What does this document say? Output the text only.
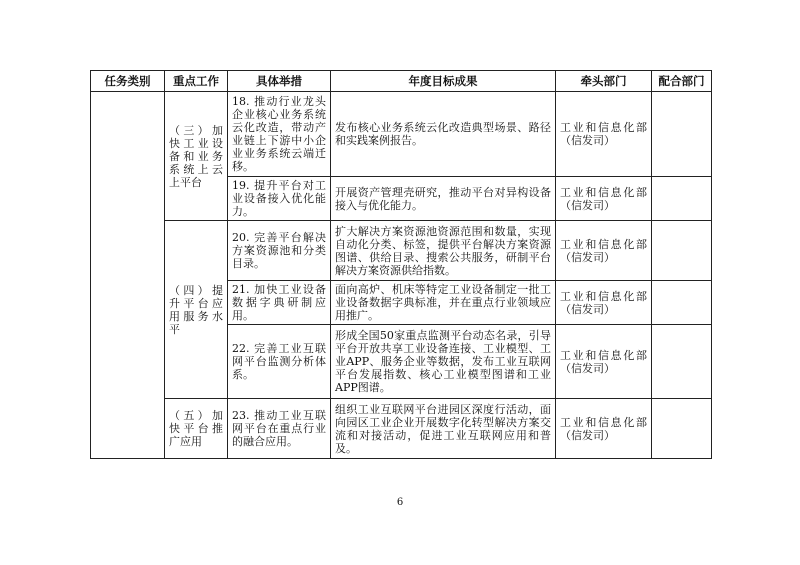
任务类别	重点工作	具体举措	年度目标成果	牵头部门	配合部门
	（三）加快工业设备和业务系统上云上平台	18. 推动行业龙头企业核心业务系统云化改造，带动产业链上下游中小企业业务系统云端迁移。	发布核心业务系统云化改造典型场景、路径和实践案例报告。	工业和信息化部（信发司）	
		19. 提升平台对工业设备接入优化能力。	开展资产管理壳研究，推动平台对异构设备接入与优化能力。	工业和信息化部（信发司）	
	（四）提升平台应用服务水平	20. 完善平台解决方案资源池和分类目录。	扩大解决方案资源池资源范围和数量，实现自动化分类、标签，提供平台解决方案资源图谱、供给目录、搜索公共服务，研制平台解决方案资源供给指数。	工业和信息化部（信发司）	
		21. 加快工业设备数据字典研制应用。	面向高炉、机床等特定工业设备制定一批工业设备数据字典标准，并在重点行业领域应用推广。	工业和信息化部（信发司）	
		22. 完善工业互联网平台监测分析体系。	形成全国50家重点监测平台动态名录，引导平台开放共享工业设备连接、工业模型、工业APP、服务企业等数据，发布工业互联网平台发展指数、核心工业模型图谱和工业APP图谱。	工业和信息化部（信发司）	
	（五）加快平台推广应用	23. 推动工业互联网平台在重点行业的融合应用。	组织工业互联网平台进园区深度行活动，面向园区工业企业开展数字化转型解决方案交流和对接活动，促进工业互联网应用和普及。	工业和信息化部（信发司）	
6
